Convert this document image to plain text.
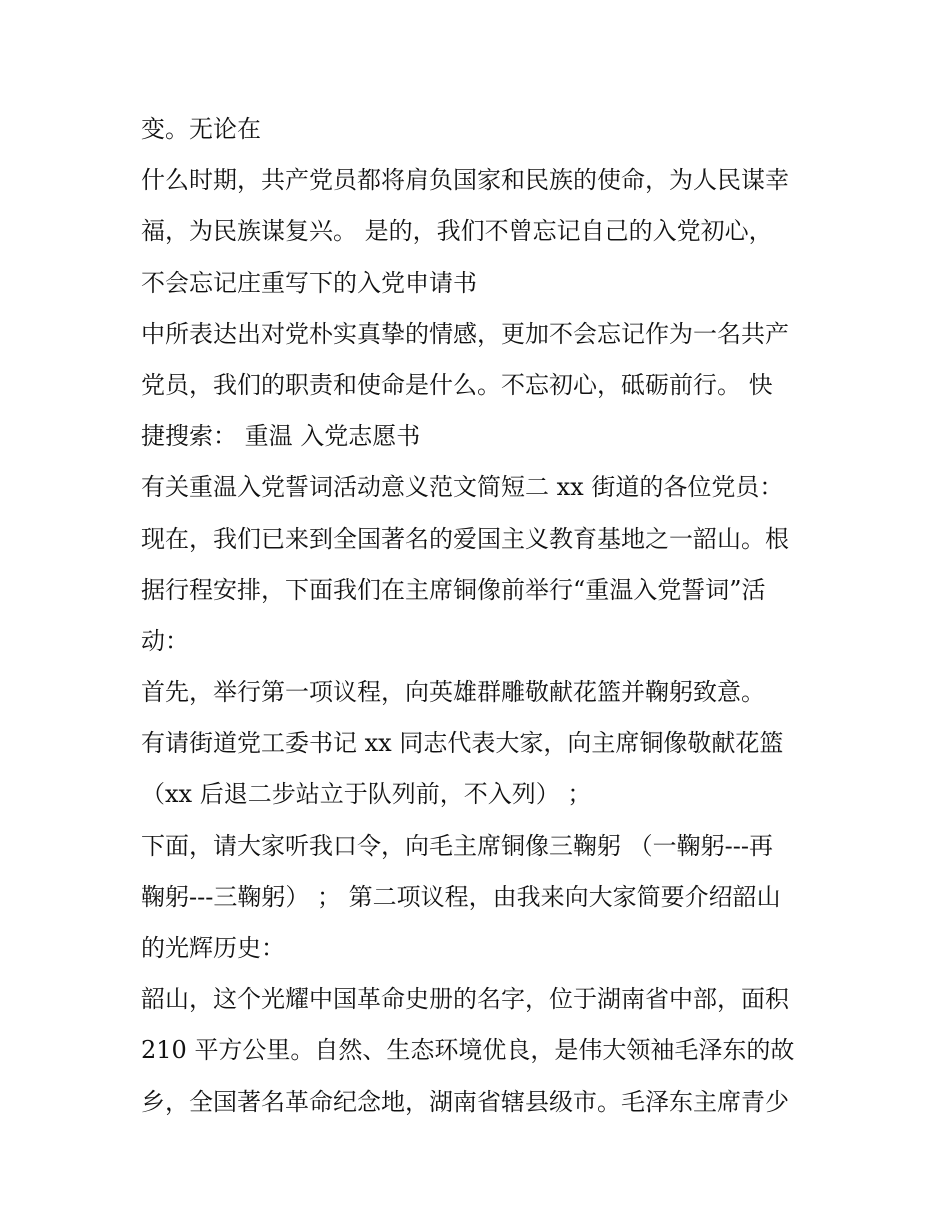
变。无论在
什么时期，共产党员都将肩负国家和民族的使命，为人民谋幸
福，为民族谋复兴。 是的，我们不曾忘记自己的入党初心，
不会忘记庄重写下的入党申请书
中所表达出对党朴实真挚的情感，更加不会忘记作为一名共产
党员，我们的职责和使命是什么。不忘初心，砥砺前行。 快
捷搜索： 重温 入党志愿书
有关重温入党誓词活动意义范文简短二 xx 街道的各位党员：
现在，我们已来到全国著名的爱国主义教育基地之一韶山。根
据行程安排，下面我们在主席铜像前举行“重温入党誓词”活
动：
首先，举行第一项议程，向英雄群雕敬献花篮并鞠躬致意。
有请街道党工委书记 xx 同志代表大家，向主席铜像敬献花篮
（xx 后退二步站立于队列前，不入列） ；
下面，请大家听我口令，向毛主席铜像三鞠躬 （一鞠躬---再
鞠躬---三鞠躬） ； 第二项议程，由我来向大家简要介绍韶山
的光辉历史：
韶山，这个光耀中国革命史册的名字，位于湖南省中部，面积
210 平方公里。自然、生态环境优良，是伟大领袖毛泽东的故
乡，全国著名革命纪念地，湖南省辖县级市。毛泽东主席青少
